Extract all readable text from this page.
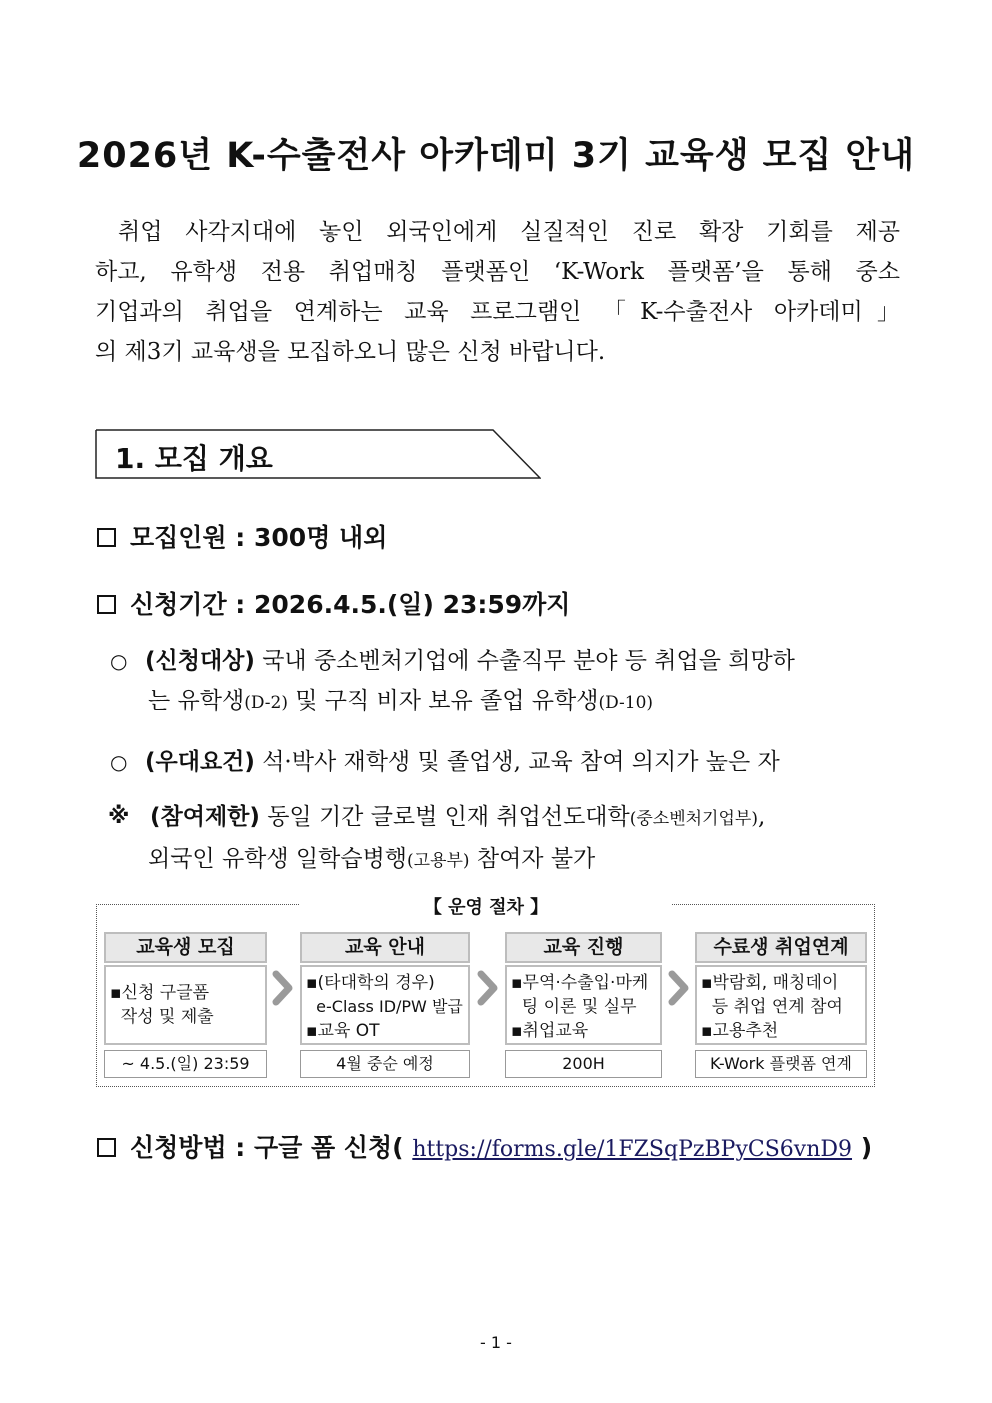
2026년 K-수출전사 아카데미 3기 교육생 모집 안내
취업 사각지대에 놓인 외국인에게 실질적인 진로 확장 기회를 제공
하고, 유학생 전용 취업매칭 플랫폼인 ‘K-Work 플랫폼’을 통해 중소
기업과의 취업을 연계하는 교육 프로그램인 「K-수출전사 아카데미」
의 제3기 교육생을 모집하오니 많은 신청 바랍니다.
1. 모집 개요
모집인원 : 300명 내외
신청기간 : 2026.4.5.(일) 23:59까지
○ (신청대상) 국내 중소벤처기업에 수출직무 분야 등 취업을 희망하
는 유학생(D-2) 및 구직 비자 보유 졸업 유학생(D-10)
○ (우대요건) 석·박사 재학생 및 졸업생, 교육 참여 의지가 높은 자
※ (참여제한) 동일 기간 글로벌 인재 취업선도대학(중소벤처기업부),
외국인 유학생 일학습병행(고용부) 참여자 불가
【 운영 절차 】
교육생 모집
▪신청 구글폼
작성 및 제출
~ 4.5.(일) 23:59
교육 안내
▪(타대학의 경우)
e-Class ID/PW 발급
▪교육 OT
4월 중순 예정
교육 진행
▪무역·수출입·마케
팅 이론 및 실무
▪취업교육
200H
수료생 취업연계
▪박람회, 매칭데이
등 취업 연계 참여
▪고용추천
K-Work 플랫폼 연계
신청방법 : 구글 폼 신청( https://forms.gle/1FZSqPzBPyCS6vnD9 )
- 1 -
